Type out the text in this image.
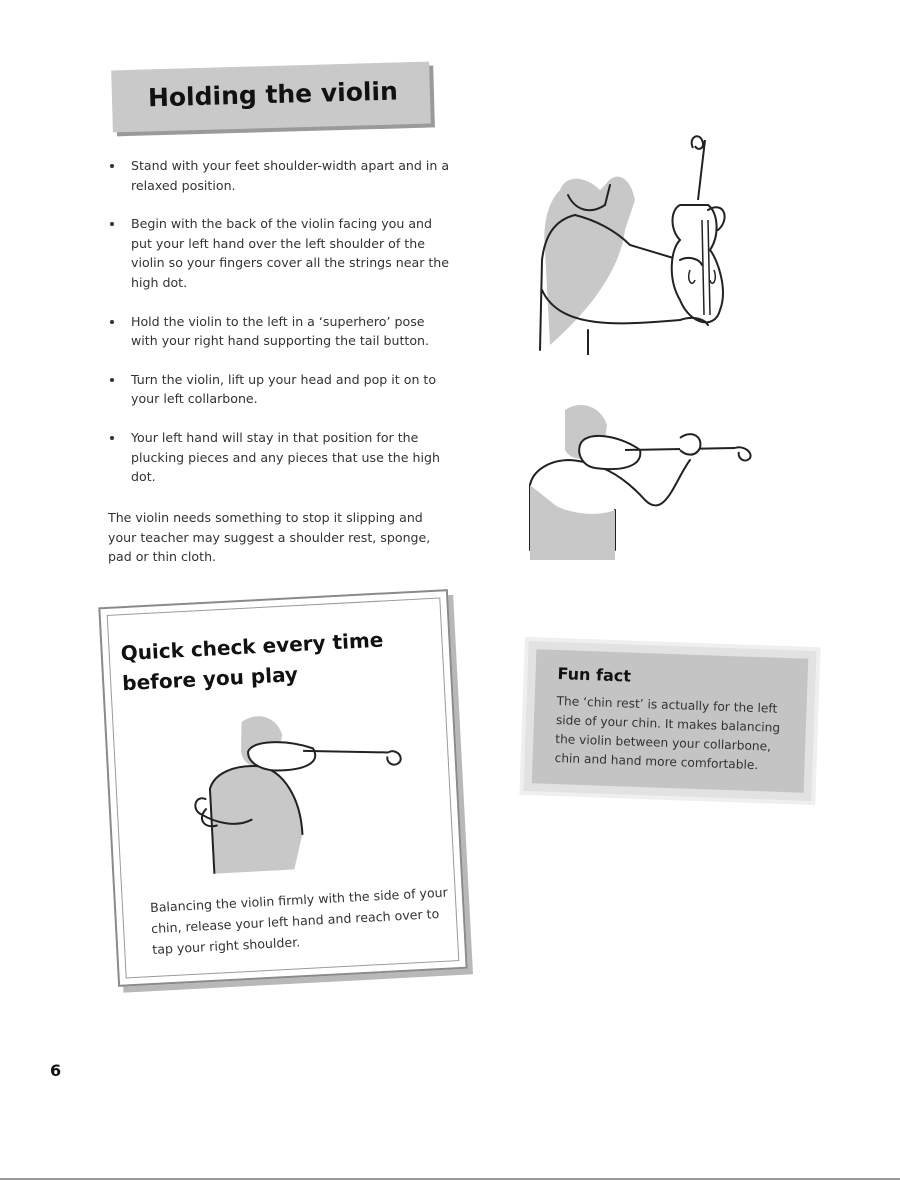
Holding the violin
Stand with your feet shoulder-width apart and in a relaxed position.
Begin with the back of the violin facing you and put your left hand over the left shoulder of the violin so your fingers cover all the strings near the high dot.
Hold the violin to the left in a ‘superhero’ pose with your right hand supporting the tail button.
Turn the violin, lift up your head and pop it on to your left collarbone.
Your left hand will stay in that position for the plucking pieces and any pieces that use the high dot.

The violin needs something to stop it slipping and your teacher may suggest a shoulder rest, sponge, pad or thin cloth.

Quick check every time before you play

Balancing the violin firmly with the side of your chin, release your left hand and reach over to tap your right shoulder.

Fun fact

The ‘chin rest’ is actually for the left side of your chin. It makes balancing the violin between your collarbone, chin and hand more comfortable.

6
